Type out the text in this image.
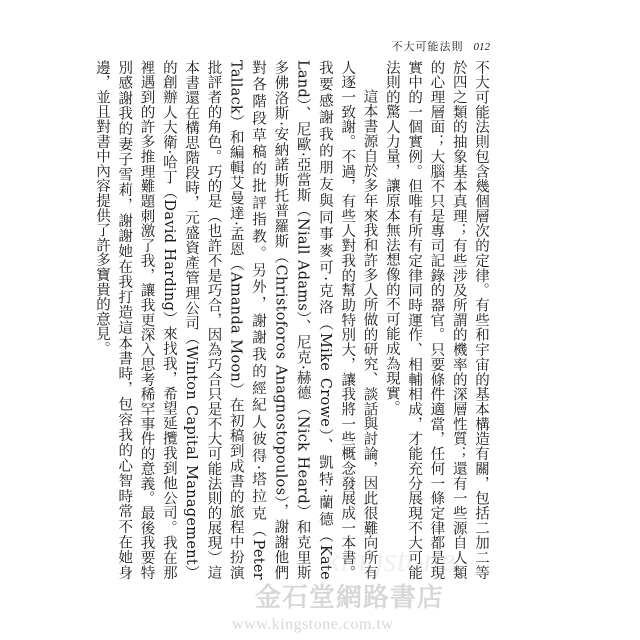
不大可能法則 012

不大可能法則包含幾個層次的定律。有些和宇宙的基本構造有關，包括二加二等於四之類的抽象基本真理；有些涉及所謂的機率的深層性質；還有一些源自人類的心理層面；大腦不只是專司記錄的器官。只要條件適當，任何一條定律都是現實中的一個實例。但唯有所有定律同時運作、相輔相成，才能充分展現不大可能法則的驚人力量，讓原本無法想像的不可能成為現實。

這本書源自於多年來我和許多人所做的研究、談話與討論，因此很難向所有人逐一致謝。不過，有些人對我的幫助特別大，讓我將一些概念發展成一本書。我要感謝我的朋友與同事麥可·克洛（Mike Crowe）、凱特·蘭德（Kate Land）、尼歐·亞當斯（Niall Adams）、尼克·赫德（Nick Heard）和克里斯多佛洛斯·安納諾斯托普羅斯（Christoforos Anagnostopoulos），謝謝他們對各階段草稿的批評指教。另外，謝謝我的經紀人彼得·塔拉克（Peter Tallack）和編輯艾曼達·孟恩（Amanda Moon）在初稿到成書的旅程中扮演批評者的角色。巧的是（也許不是巧合，因為巧合只是不大可能法則的展現）這本書還在構思階段時，元盛資產管理公司（Winton Capital Management）的創辦人大衛·哈丁（David Harding）來找我，希望延攬我到他公司。我在那裡遇到的許多推理難題刺激了我，讓我更深入思考稀罕事件的意義。最後我要特別感謝我的妻子雪莉，謝謝她在我打造這本書時，包容我的心智時常不在她身邊，並且對書中內容提供了許多寶貴的意見。

kingstone
金石堂網路書店
www.kingstone.com.tw
